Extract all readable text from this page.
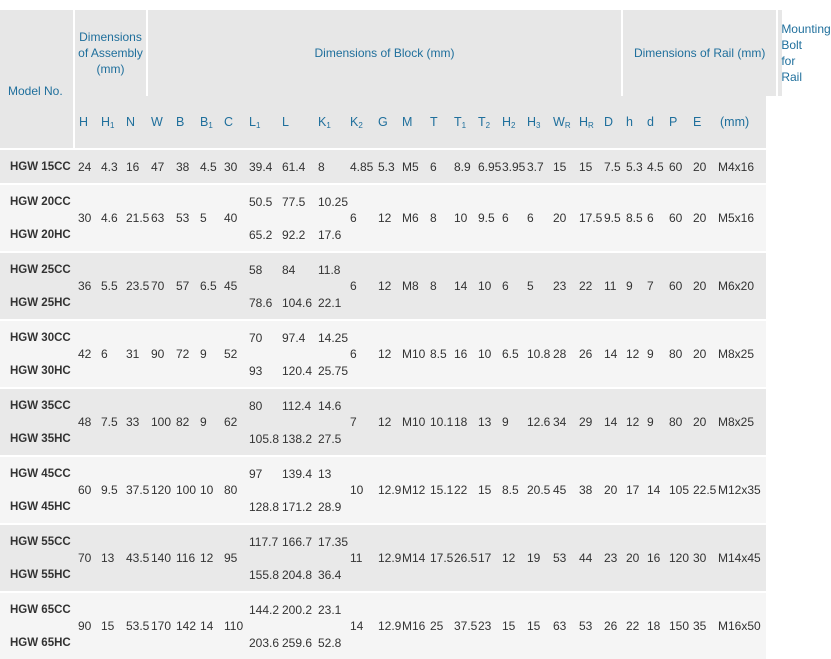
Model No.	Dimensions of Assembly (mm)			Dimensions of Block (mm)																		Dimensions of Rail (mm)					Mounting Bolt for Rail
	H	$H_1$	N	W	B	$B_1$	C	$L_1$	L	$K_1$	$K_2$	G	M	T	$T_1$	$T_2$	$H_2$	$H_3$	$W_R$	$H_R$	D	h	d	P	E	(mm)	
HGW 15CC	24	4.3	16	47	38	4.5	30	39.4	61.4	8	4.85	5.3	M5	6	8.9	6.95	3.95	3.7	15	15	7.5	5.3	4.5	60	20	M4x16	
HGW 20CC	30	4.6	21.5	63	53	5	40	50.5	77.5	10.25	6	12	M6	8	10	9.5	6	6	20	17.5	9.5	8.5	6	60	20	M5x16	
HGW 20HC								65.2	92.2	17.6																	
HGW 25CC	36	5.5	23.5	70	57	6.5	45	58	84	11.8	6	12	M8	8	14	10	6	5	23	22	11	9	7	60	20	M6x20	
HGW 25HC								78.6	104.6	22.1																	
HGW 30CC	42	6	31	90	72	9	52	70	97.4	14.25	6	12	M10	8.5	16	10	6.5	10.8	28	26	14	12	9	80	20	M8x25	
HGW 30HC								93	120.4	25.75																	
HGW 35CC	48	7.5	33	100	82	9	62	80	112.4	14.6	7	12	M10	10.1	18	13	9	12.6	34	29	14	12	9	80	20	M8x25	
HGW 35HC								105.8	138.2	27.5																	
HGW 45CC	60	9.5	37.5	120	100	10	80	97	139.4	13	10	12.9	M12	15.1	22	15	8.5	20.5	45	38	20	17	14	105	22.5	M12x35	
HGW 45HC								128.8	171.2	28.9																	
HGW 55CC	70	13	43.5	140	116	12	95	117.7	166.7	17.35	11	12.9	M14	17.5	26.5	17	12	19	53	44	23	20	16	120	30	M14x45	
HGW 55HC								155.8	204.8	36.4																	
HGW 65CC	90	15	53.5	170	142	14	110	144.2	200.2	23.1	14	12.9	M16	25	37.5	23	15	15	63	53	26	22	18	150	35	M16x50	
HGW 65HC								203.6	259.6	52.8																	
